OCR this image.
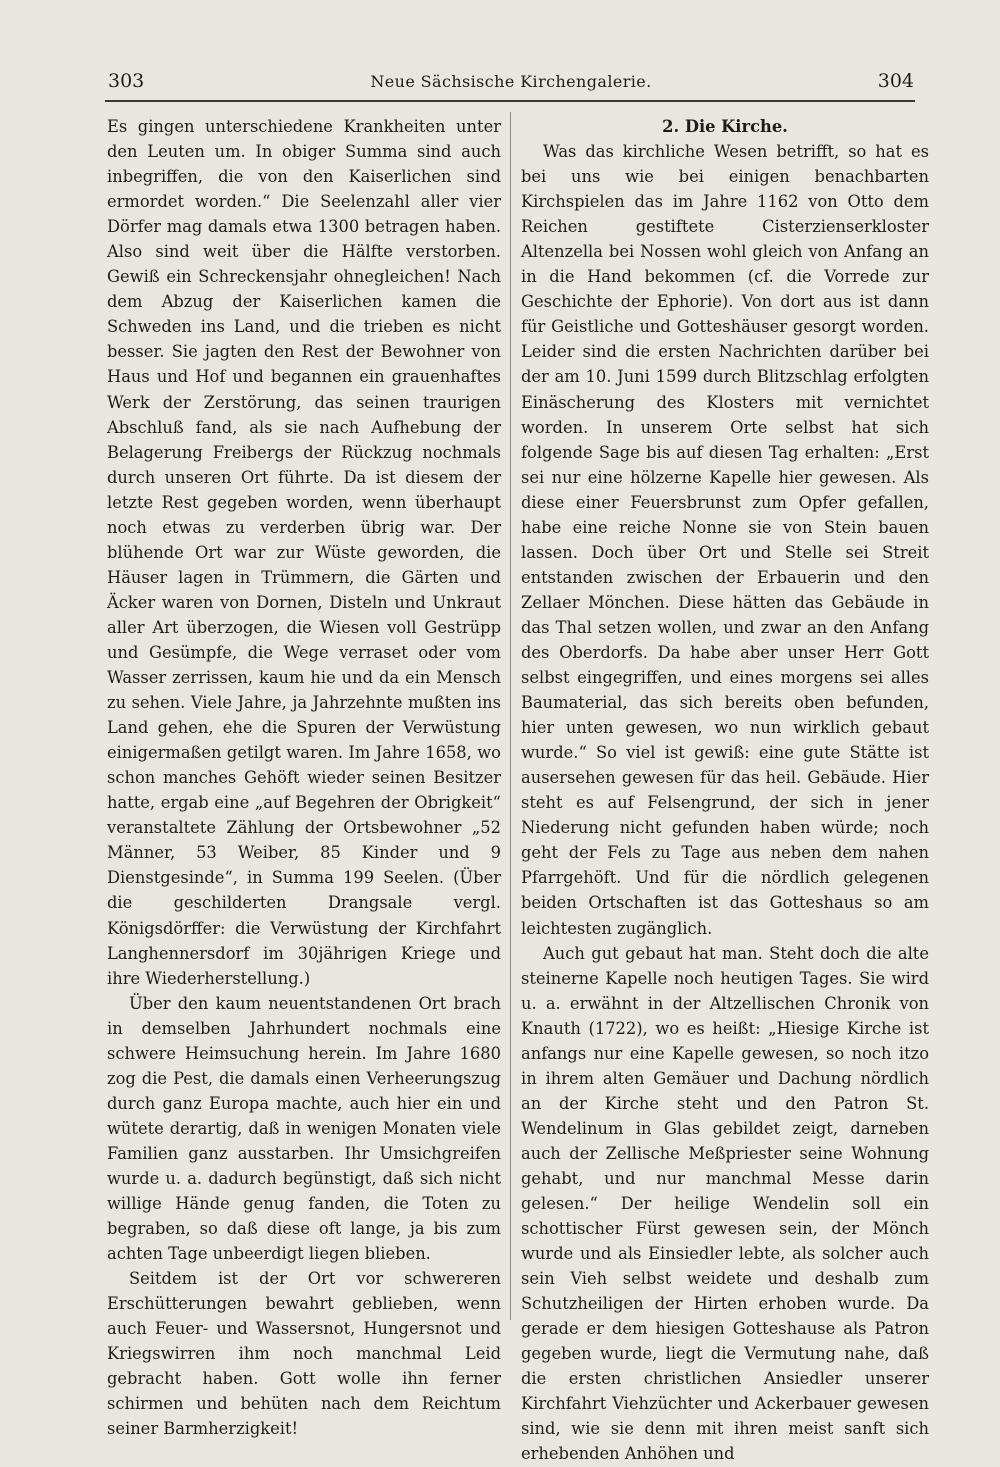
303	Neue Sächsische Kirchengalerie.	304

Es gingen unterschiedene Krankheiten unter den Leuten um. In obiger Summa sind auch inbegriffen, die von den Kaiserlichen sind ermordet worden.“ Die Seelenzahl aller vier Dörfer mag damals etwa 1300 betragen haben. Also sind weit über die Hälfte verstorben. Gewiß ein Schreckensjahr ohnegleichen! Nach dem Abzug der Kaiserlichen kamen die Schweden ins Land, und die trieben es nicht besser. Sie jagten den Rest der Bewohner von Haus und Hof und begannen ein grauenhaftes Werk der Zerstörung, das seinen traurigen Abschluß fand, als sie nach Aufhebung der Belagerung Freibergs der Rückzug nochmals durch unseren Ort führte. Da ist diesem der letzte Rest gegeben worden, wenn überhaupt noch etwas zu verderben übrig war. Der blühende Ort war zur Wüste geworden, die Häuser lagen in Trümmern, die Gärten und Äcker waren von Dornen, Disteln und Unkraut aller Art überzogen, die Wiesen voll Gestrüpp und Gesümpfe, die Wege verraset oder vom Wasser zerrissen, kaum hie und da ein Mensch zu sehen. Viele Jahre, ja Jahrzehnte mußten ins Land gehen, ehe die Spuren der Verwüstung einigermaßen getilgt waren. Im Jahre 1658, wo schon manches Gehöft wieder seinen Besitzer hatte, ergab eine „auf Begehren der Obrigkeit“ veranstaltete Zählung der Ortsbewohner „52 Männer, 53 Weiber, 85 Kinder und 9 Dienstgesinde“, in Summa 199 Seelen. (Über die geschilderten Drangsale vergl. Königsdörffer: die Verwüstung der Kirchfahrt Langhennersdorf im 30jährigen Kriege und ihre Wiederherstellung.)

Über den kaum neuentstandenen Ort brach in demselben Jahrhundert nochmals eine schwere Heimsuchung herein. Im Jahre 1680 zog die Pest, die damals einen Verheerungszug durch ganz Europa machte, auch hier ein und wütete derartig, daß in wenigen Monaten viele Familien ganz ausstarben. Ihr Umsichgreifen wurde u. a. dadurch begünstigt, daß sich nicht willige Hände genug fanden, die Toten zu begraben, so daß diese oft lange, ja bis zum achten Tage unbeerdigt liegen blieben.

Seitdem ist der Ort vor schwereren Erschütterungen bewahrt geblieben, wenn auch Feuer- und Wassersnot, Hungersnot und Kriegswirren ihm noch manchmal Leid gebracht haben. Gott wolle ihn ferner schirmen und behüten nach dem Reichtum seiner Barmherzigkeit!

2. Die Kirche.

Was das kirchliche Wesen betrifft, so hat es bei uns wie bei einigen benachbarten Kirchspielen das im Jahre 1162 von Otto dem Reichen gestiftete Cisterzienserkloster Altenzella bei Nossen wohl gleich von Anfang an in die Hand bekommen (cf. die Vorrede zur Geschichte der Ephorie). Von dort aus ist dann für Geistliche und Gotteshäuser gesorgt worden. Leider sind die ersten Nachrichten darüber bei der am 10. Juni 1599 durch Blitzschlag erfolgten Einäscherung des Klosters mit vernichtet worden. In unserem Orte selbst hat sich folgende Sage bis auf diesen Tag erhalten: „Erst sei nur eine hölzerne Kapelle hier gewesen. Als diese einer Feuersbrunst zum Opfer gefallen, habe eine reiche Nonne sie von Stein bauen lassen. Doch über Ort und Stelle sei Streit entstanden zwischen der Erbauerin und den Zellaer Mönchen. Diese hätten das Gebäude in das Thal setzen wollen, und zwar an den Anfang des Oberdorfs. Da habe aber unser Herr Gott selbst eingegriffen, und eines morgens sei alles Baumaterial, das sich bereits oben befunden, hier unten gewesen, wo nun wirklich gebaut wurde.“ So viel ist gewiß: eine gute Stätte ist ausersehen gewesen für das heil. Gebäude. Hier steht es auf Felsengrund, der sich in jener Niederung nicht gefunden haben würde; noch geht der Fels zu Tage aus neben dem nahen Pfarrgehöft. Und für die nördlich gelegenen beiden Ortschaften ist das Gotteshaus so am leichtesten zugänglich.

Auch gut gebaut hat man. Steht doch die alte steinerne Kapelle noch heutigen Tages. Sie wird u. a. erwähnt in der Altzellischen Chronik von Knauth (1722), wo es heißt: „Hiesige Kirche ist anfangs nur eine Kapelle gewesen, so noch itzo in ihrem alten Gemäuer und Dachung nördlich an der Kirche steht und den Patron St. Wendelinum in Glas gebildet zeigt, darneben auch der Zellische Meßpriester seine Wohnung gehabt, und nur manchmal Messe darin gelesen.“ Der heilige Wendelin soll ein schottischer Fürst gewesen sein, der Mönch wurde und als Einsiedler lebte, als solcher auch sein Vieh selbst weidete und deshalb zum Schutzheiligen der Hirten erhoben wurde. Da gerade er dem hiesigen Gotteshause als Patron gegeben wurde, liegt die Vermutung nahe, daß die ersten christlichen Ansiedler unserer Kirchfahrt Viehzüchter und Ackerbauer gewesen sind, wie sie denn mit ihren meist sanft sich erhebenden Anhöhen und
